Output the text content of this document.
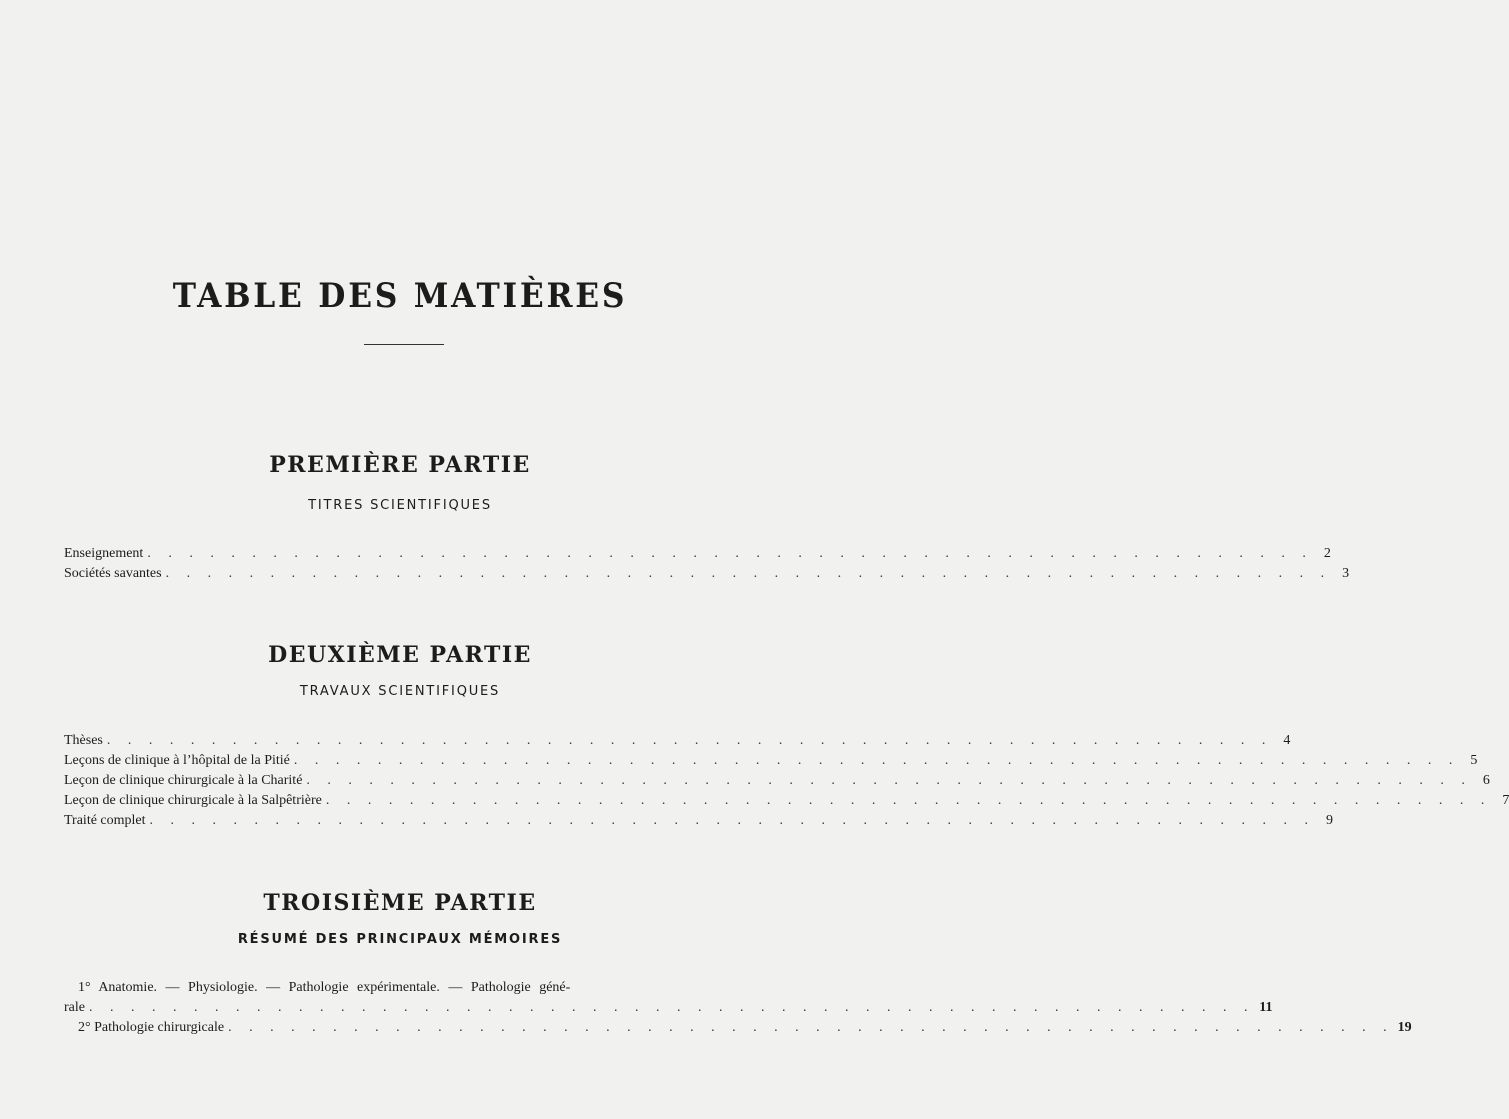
TABLE DES MATIÈRES
PREMIÈRE PARTIE
TITRES SCIENTIFIQUES
Enseignement . . . . . . . . . . . . . . . . . . . . . . . . . . . . . . . . . . . . . . . . . . . . . . . . . . . . . . . . 2
Sociétés savantes . . . . . . . . . . . . . . . . . . . . . . . . . . . . . . . . . . . . . . . . . . . . . . . . . . . . . . . . 3
DEUXIÈME PARTIE
TRAVAUX SCIENTIFIQUES
Thèses . . . . . . . . . . . . . . . . . . . . . . . . . . . . . . . . . . . . . . . . . . . . . . . . . . . . . . . . 4
Leçons de clinique à l’hôpital de la Pitié . . . . . . . . . . . . . . . . . . . . . . . . . . . . . . . . . . . . . . . . . . . . . . . . . . . . . . . . 5
Leçon de clinique chirurgicale à la Charité . . . . . . . . . . . . . . . . . . . . . . . . . . . . . . . . . . . . . . . . . . . . . . . . . . . . . . . . 6
Leçon de clinique chirurgicale à la Salpêtrière . . . . . . . . . . . . . . . . . . . . . . . . . . . . . . . . . . . . . . . . . . . . . . . . . . . . . . . . 7
Traité complet . . . . . . . . . . . . . . . . . . . . . . . . . . . . . . . . . . . . . . . . . . . . . . . . . . . . . . . . 9
TROISIÈME PARTIE
RÉSUMÉ DES PRINCIPAUX MÉMOIRES
1° Anatomie. — Physiologie. — Pathologie expérimentale. — Pathologie géné-
rale . . . . . . . . . . . . . . . . . . . . . . . . . . . . . . . . . . . . . . . . . . . . . . . . . . . . . . . . 11
2° Pathologie chirurgicale . . . . . . . . . . . . . . . . . . . . . . . . . . . . . . . . . . . . . . . . . . . . . . . . . . . . . . . . 19
